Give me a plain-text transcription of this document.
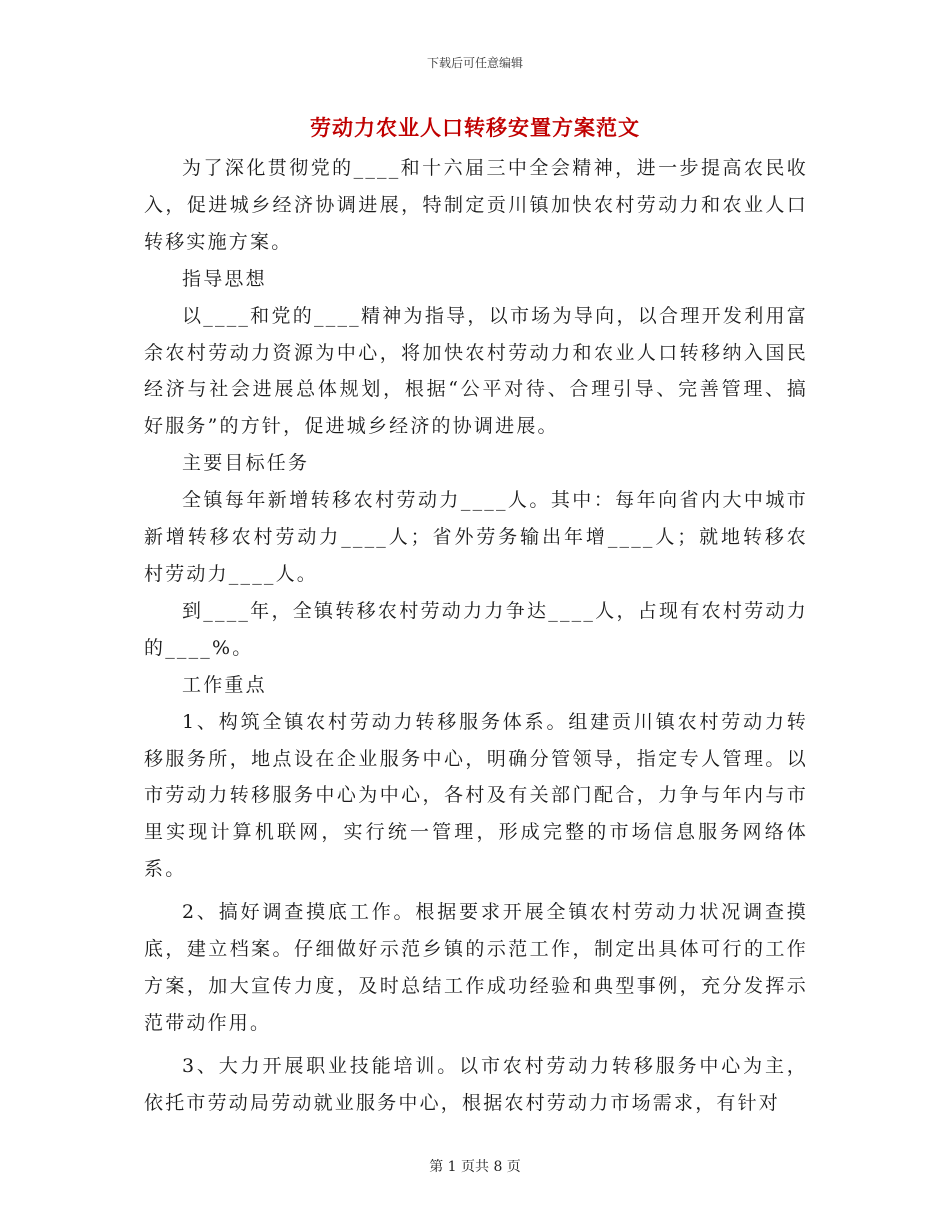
下载后可任意编辑
劳动力农业人口转移安置方案范文

为了深化贯彻党的____和十六届三中全会精神，进一步提高农民收入，促进城乡经济协调进展，特制定贡川镇加快农村劳动力和农业人口转移实施方案。

指导思想

以____和党的____精神为指导，以市场为导向，以合理开发利用富余农村劳动力资源为中心，将加快农村劳动力和农业人口转移纳入国民经济与社会进展总体规划，根据“公平对待、合理引导、完善管理、搞好服务”的方针，促进城乡经济的协调进展。

主要目标任务

全镇每年新增转移农村劳动力____人。其中：每年向省内大中城市新增转移农村劳动力____人；省外劳务输出年增____人；就地转移农村劳动力____人。

到____年，全镇转移农村劳动力力争达____人，占现有农村劳动力的____%。

工作重点

1、构筑全镇农村劳动力转移服务体系。组建贡川镇农村劳动力转移服务所，地点设在企业服务中心，明确分管领导，指定专人管理。以市劳动力转移服务中心为中心，各村及有关部门配合，力争与年内与市里实现计算机联网，实行统一管理，形成完整的市场信息服务网络体系。

2、搞好调查摸底工作。根据要求开展全镇农村劳动力状况调查摸底，建立档案。仔细做好示范乡镇的示范工作，制定出具体可行的工作方案，加大宣传力度，及时总结工作成功经验和典型事例，充分发挥示范带动作用。

3、大力开展职业技能培训。以市农村劳动力转移服务中心为主，依托市劳动局劳动就业服务中心，根据农村劳动力市场需求，有针对

第 1 页共 8 页
